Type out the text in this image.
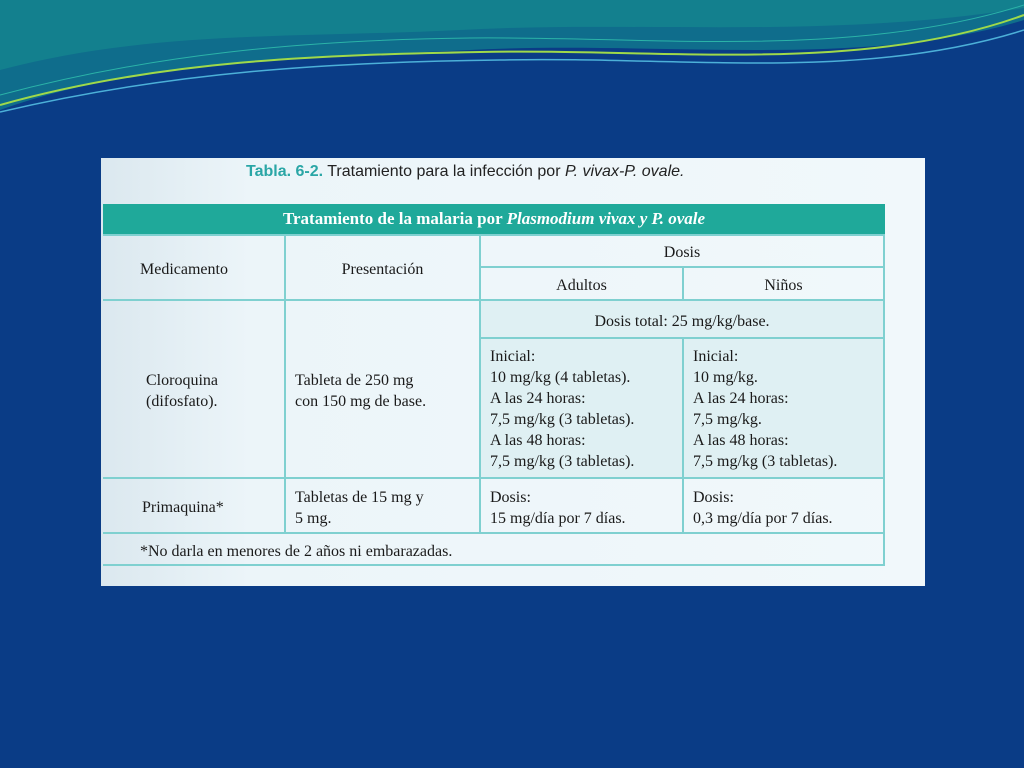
Tabla. 6-2. Tratamiento para la infección por P. vivax-P. ovale.
Tratamiento de la malaria por Plasmodium vivax y P. ovale
Medicamento	Presentación
Dosis
Adultos	Niños
Dosis total: 25 mg/kg/base.
Cloroquina
(difosfato).
Tableta de 250 mg
con 150 mg de base.
Inicial:
10 mg/kg (4 tabletas).
A las 24 horas:
7,5 mg/kg (3 tabletas).
A las 48 horas:
7,5 mg/kg (3 tabletas).
Inicial:
10 mg/kg.
A las 24 horas:
7,5 mg/kg.
A las 48 horas:
7,5 mg/kg (3 tabletas).
Primaquina*
Tabletas de 15 mg y
5 mg.
Dosis:
15 mg/día por 7 días.
Dosis:
0,3 mg/día por 7 días.
*No darla en menores de 2 años ni embarazadas.
